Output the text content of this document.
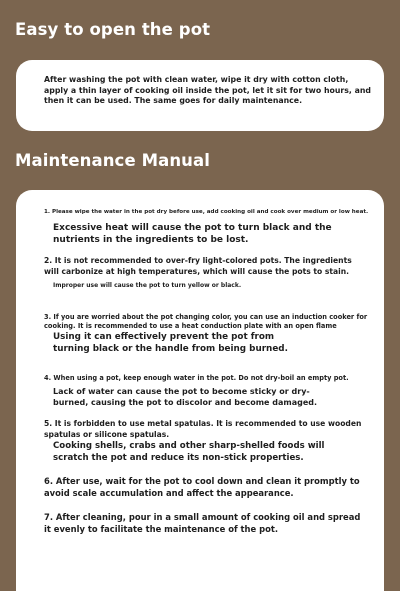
Easy to open the pot

After washing the pot with clean water, wipe it dry with cotton cloth, apply a thin layer of cooking oil inside the pot, let it sit for two hours, and then it can be used. The same goes for daily maintenance.

Maintenance Manual

1. Please wipe the water in the pot dry before use, add cooking oil and cook over medium or low heat.

Excessive heat will cause the pot to turn black and the nutrients in the ingredients to be lost.

2. It is not recommended to over-fry light-colored pots. The ingredients will carbonize at high temperatures, which will cause the pots to stain.

Improper use will cause the pot to turn yellow or black.

3. If you are worried about the pot changing color, you can use an induction cooker for cooking. It is recommended to use a heat conduction plate with an open flame

Using it can effectively prevent the pot from turning black or the handle from being burned.

4. When using a pot, keep enough water in the pot. Do not dry-boil an empty pot.

Lack of water can cause the pot to become sticky or dry-burned, causing the pot to discolor and become damaged.

5. It is forbidden to use metal spatulas. It is recommended to use wooden spatulas or silicone spatulas.

Cooking shells, crabs and other sharp-shelled foods will scratch the pot and reduce its non-stick properties.

6. After use, wait for the pot to cool down and clean it promptly to avoid scale accumulation and affect the appearance.

7. After cleaning, pour in a small amount of cooking oil and spread it evenly to facilitate the maintenance of the pot.
